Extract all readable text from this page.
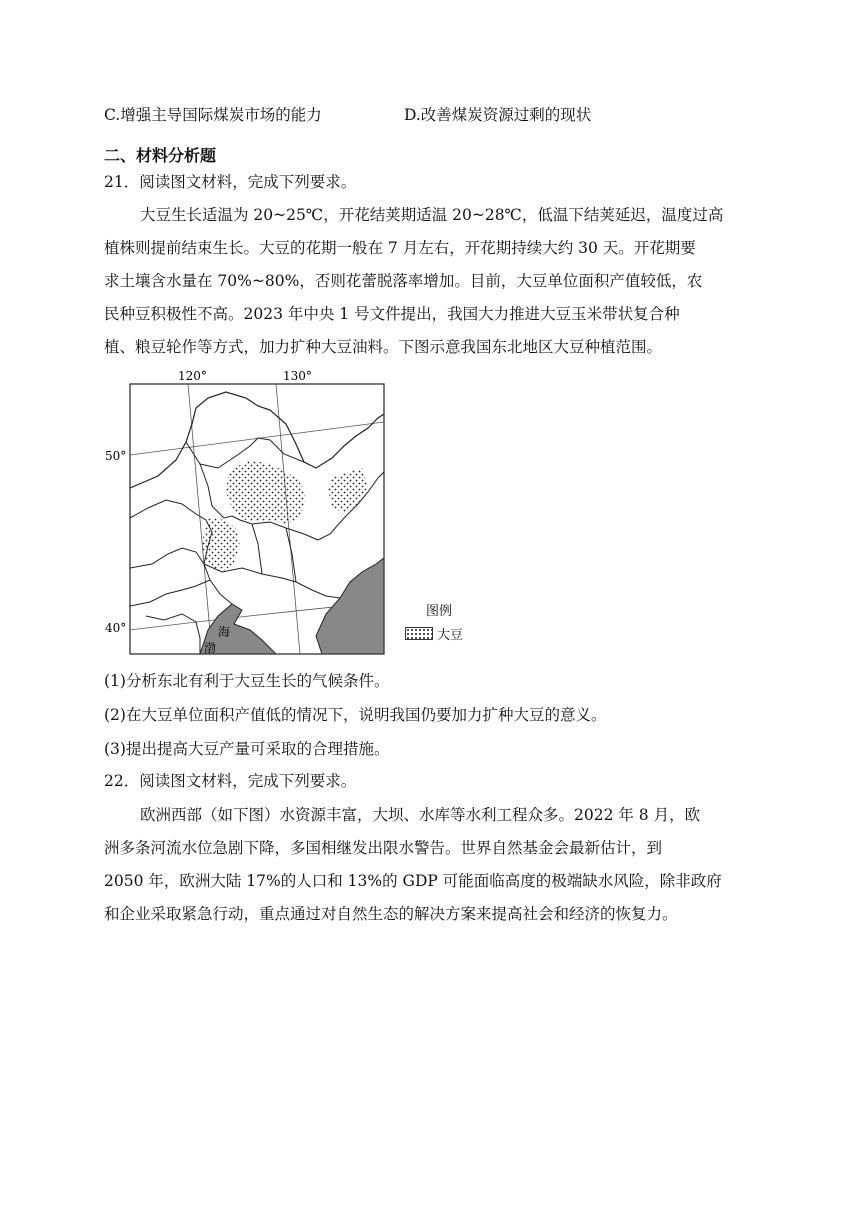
C.增强主导国际煤炭市场的能力	D.改善煤炭资源过剩的现状
二、材料分析题
21．阅读图文材料，完成下列要求。
大豆生长适温为 20~25℃，开花结荚期适温 20~28℃，低温下结荚延迟，温度过高
植株则提前结束生长。大豆的花期一般在 7 月左右，开花期持续大约 30 天。开花期要
求土壤含水量在 70%~80%，否则花蕾脱落率增加。目前，大豆单位面积产值较低，农
民种豆积极性不高。2023 年中央 1 号文件提出，我国大力推进大豆玉米带状复合种
植、粮豆轮作等方式，加力扩种大豆油料。下图示意我国东北地区大豆种植范围。
120°	130°
50°
40°	海
渤
图例
大豆
(1)分析东北有利于大豆生长的气候条件。
(2)在大豆单位面积产值低的情况下，说明我国仍要加力扩种大豆的意义。
(3)提出提高大豆产量可采取的合理措施。
22．阅读图文材料，完成下列要求。
欧洲西部（如下图）水资源丰富，大坝、水库等水利工程众多。2022 年 8 月，欧
洲多条河流水位急剧下降，多国相继发出限水警告。世界自然基金会最新估计，到
2050 年，欧洲大陆 17%的人口和 13%的 GDP 可能面临高度的极端缺水风险，除非政府
和企业采取紧急行动，重点通过对自然生态的解决方案来提高社会和经济的恢复力。
